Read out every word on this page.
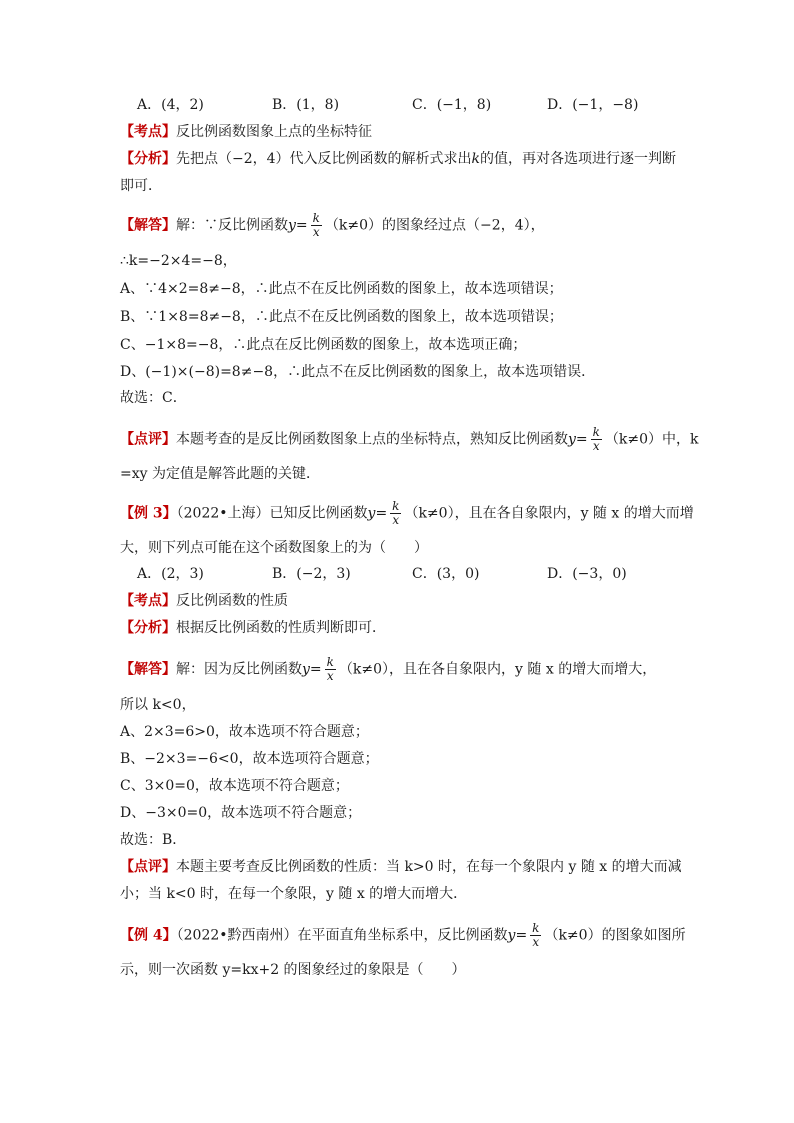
A．(4，2)	B．(1，8)	C．(−1，8)	D．(−1，−8)
【考点】反比例函数图象上点的坐标特征
【分析】先把点（−2，4）代入反比例函数的解析式求出k的值，再对各选项进行逐一判断
即可．
【解答】解：∵反比例函数$y= \frac{k}{x} (k\ne 0)$的图象经过点（−2，4），
∴k=−2×4=−8，
A、∵4×2=8≠−8，∴此点不在反比例函数的图象上，故本选项错误；
B、∵1×8=8≠−8，∴此点不在反比例函数的图象上，故本选项错误；
C、−1×8=−8，∴此点在反比例函数的图象上，故本选项正确；
D、(−1)×(−8)=8≠−8，∴此点不在反比例函数的图象上，故本选项错误．
故选：C．
【点评】本题考查的是反比例函数图象上点的坐标特点，熟知反比例函数$y= \frac{k}{x} (k\ne 0)$中，k
=xy 为定值是解答此题的关键．
【例 3】（2022•上海）已知反比例函数$y= \frac{k}{x} (k\ne 0)$，且在各自象限内，y 随 x 的增大而增
大，则下列点可能在这个函数图象上的为（　　）
A．(2，3)	B．(−2，3)	C．(3，0)	D．(−3，0)
【考点】反比例函数的性质
【分析】根据反比例函数的性质判断即可．
【解答】解：因为反比例函数$y= \frac{k}{x} (k\ne 0)$，且在各自象限内，y 随 x 的增大而增大，
所以 k<0，
A、2×3=6>0，故本选项不符合题意；
B、−2×3=−6<0，故本选项符合题意；
C、3×0=0，故本选项不符合题意；
D、−3×0=0，故本选项不符合题意；
故选：B．
【点评】本题主要考查反比例函数的性质：当 k>0 时，在每一个象限内 y 随 x 的增大而减
小；当 k<0 时，在每一个象限，y 随 x 的增大而增大．
【例 4】（2022•黔西南州）在平面直角坐标系中，反比例函数$y= \frac{k}{x} (k\ne 0)$的图象如图所
示，则一次函数 y=kx+2 的图象经过的象限是（　　）
